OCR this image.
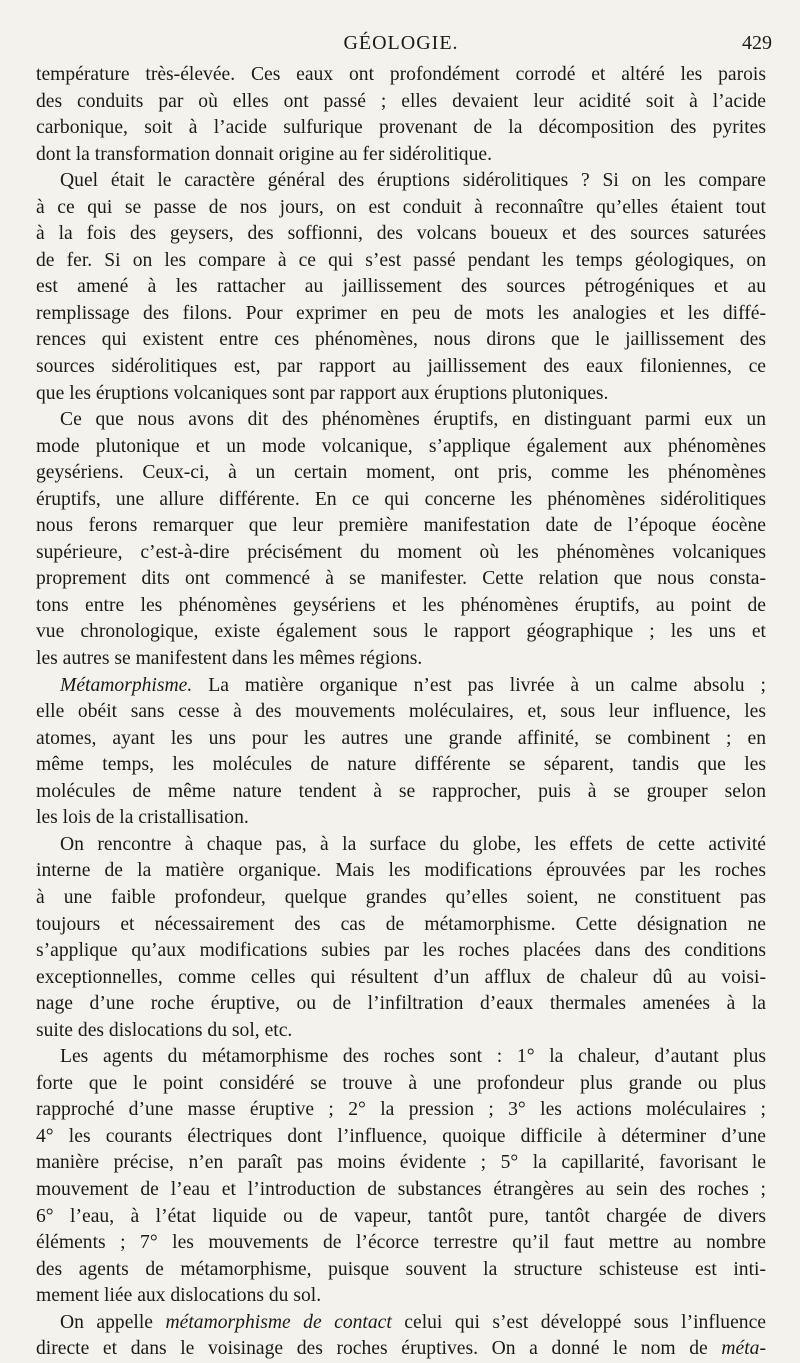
GÉOLOGIE.	429
température très-élevée. Ces eaux ont profondément corrodé et altéré les parois
des conduits par où elles ont passé ; elles devaient leur acidité soit à l’acide
carbonique, soit à l’acide sulfurique provenant de la décomposition des pyrites
dont la transformation donnait origine au fer sidérolitique.
Quel était le caractère général des éruptions sidérolitiques ? Si on les compare
à ce qui se passe de nos jours, on est conduit à reconnaître qu’elles étaient tout
à la fois des geysers, des soffionni, des volcans boueux et des sources saturées
de fer. Si on les compare à ce qui s’est passé pendant les temps géologiques, on
est amené à les rattacher au jaillissement des sources pétrogéniques et au
remplissage des filons. Pour exprimer en peu de mots les analogies et les diffé-
rences qui existent entre ces phénomènes, nous dirons que le jaillissement des
sources sidérolitiques est, par rapport au jaillissement des eaux filoniennes, ce
que les éruptions volcaniques sont par rapport aux éruptions plutoniques.
Ce que nous avons dit des phénomènes éruptifs, en distinguant parmi eux un
mode plutonique et un mode volcanique, s’applique également aux phénomènes
geysériens. Ceux-ci, à un certain moment, ont pris, comme les phénomènes
éruptifs, une allure différente. En ce qui concerne les phénomènes sidérolitiques
nous ferons remarquer que leur première manifestation date de l’époque éocène
supérieure, c’est-à-dire précisément du moment où les phénomènes volcaniques
proprement dits ont commencé à se manifester. Cette relation que nous consta-
tons entre les phénomènes geysériens et les phénomènes éruptifs, au point de
vue chronologique, existe également sous le rapport géographique ; les uns et
les autres se manifestent dans les mêmes régions.
Métamorphisme. La matière organique n’est pas livrée à un calme absolu ;
elle obéit sans cesse à des mouvements moléculaires, et, sous leur influence, les
atomes, ayant les uns pour les autres une grande affinité, se combinent ; en
même temps, les molécules de nature différente se séparent, tandis que les
molécules de même nature tendent à se rapprocher, puis à se grouper selon
les lois de la cristallisation.
On rencontre à chaque pas, à la surface du globe, les effets de cette activité
interne de la matière organique. Mais les modifications éprouvées par les roches
à une faible profondeur, quelque grandes qu’elles soient, ne constituent pas
toujours et nécessairement des cas de métamorphisme. Cette désignation ne
s’applique qu’aux modifications subies par les roches placées dans des conditions
exceptionnelles, comme celles qui résultent d’un afflux de chaleur dû au voisi-
nage d’une roche éruptive, ou de l’infiltration d’eaux thermales amenées à la
suite des dislocations du sol, etc.
Les agents du métamorphisme des roches sont : 1° la chaleur, d’autant plus
forte que le point considéré se trouve à une profondeur plus grande ou plus
rapproché d’une masse éruptive ; 2° la pression ; 3° les actions moléculaires ;
4° les courants électriques dont l’influence, quoique difficile à déterminer d’une
manière précise, n’en paraît pas moins évidente ; 5° la capillarité, favorisant le
mouvement de l’eau et l’introduction de substances étrangères au sein des roches ;
6° l’eau, à l’état liquide ou de vapeur, tantôt pure, tantôt chargée de divers
éléments ; 7° les mouvements de l’écorce terrestre qu’il faut mettre au nombre
des agents de métamorphisme, puisque souvent la structure schisteuse est inti-
mement liée aux dislocations du sol.
On appelle métamorphisme de contact celui qui s’est développé sous l’influence
directe et dans le voisinage des roches éruptives. On a donné le nom de méta-
